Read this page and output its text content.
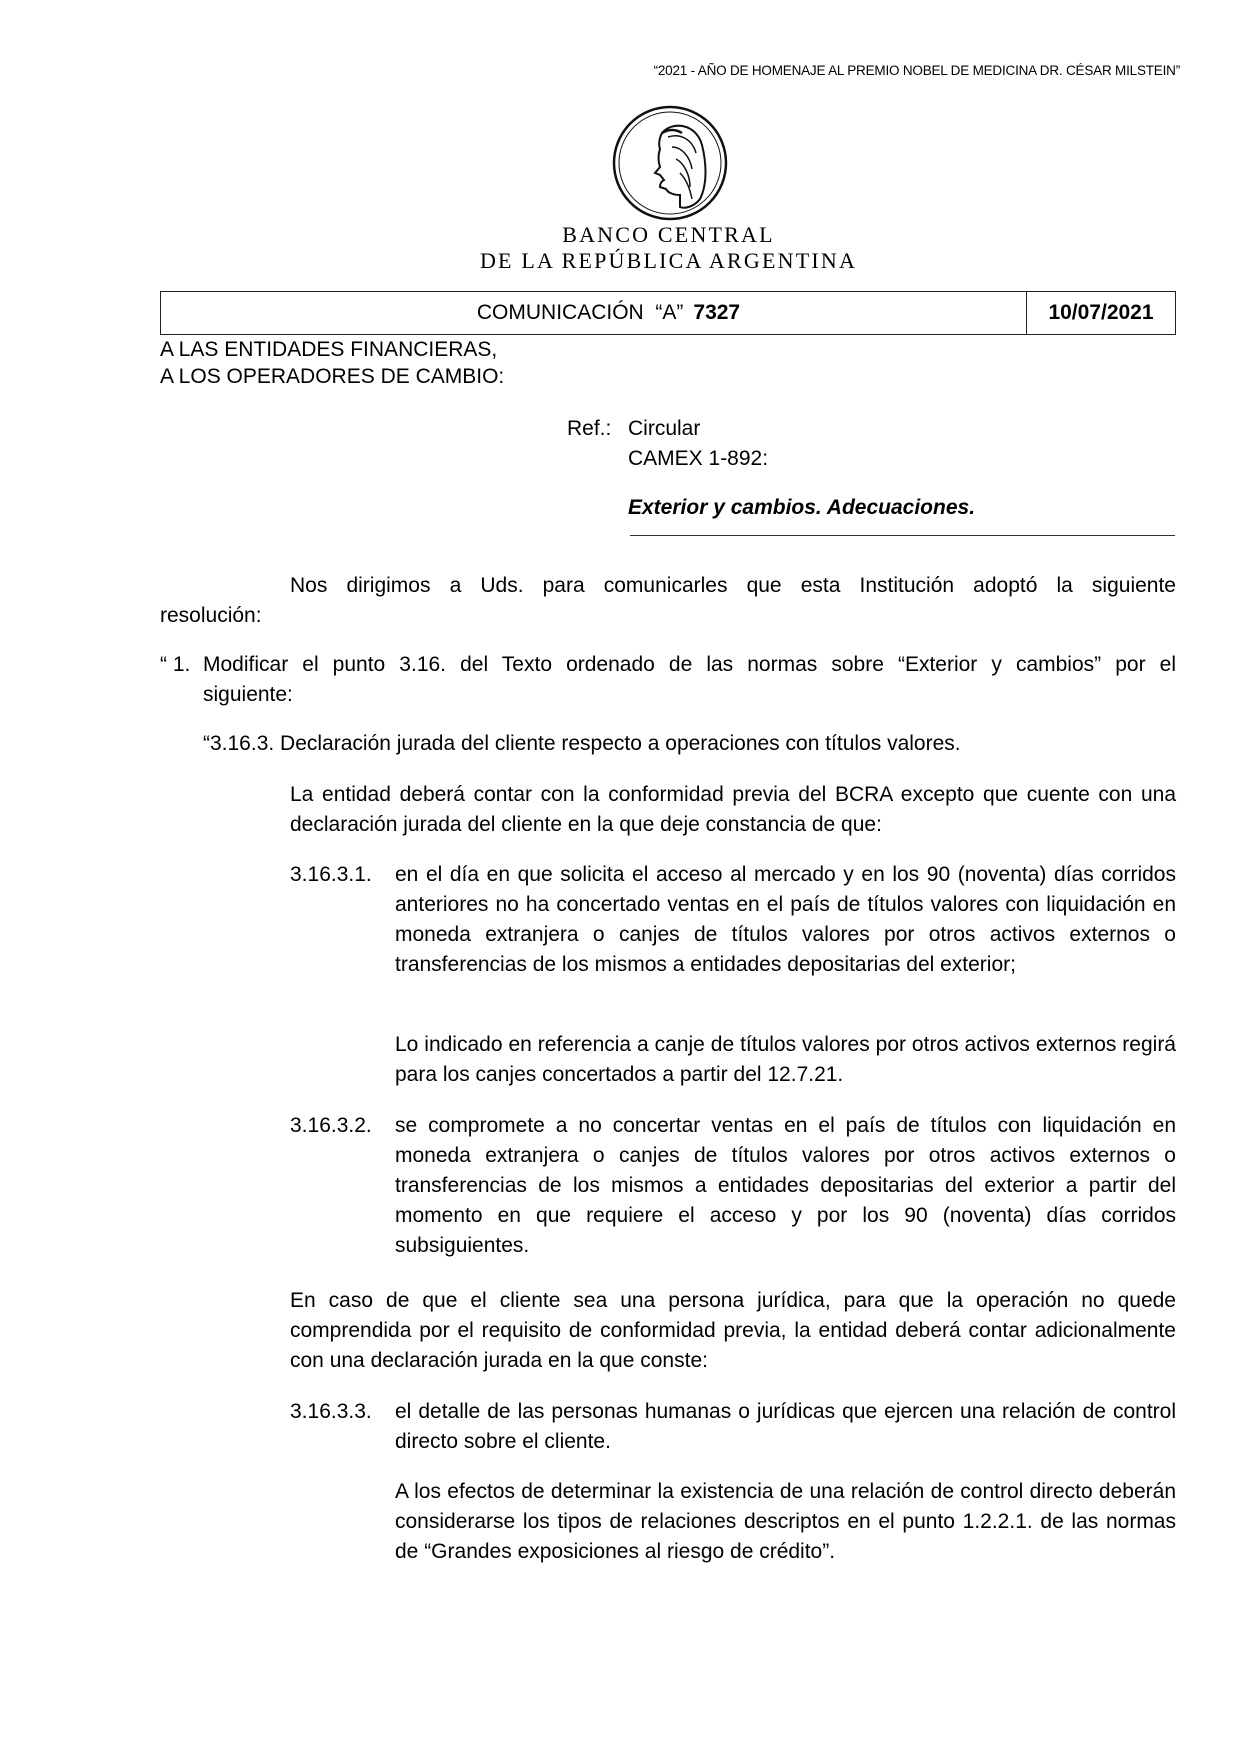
“2021 - AÑO DE HOMENAJE AL PREMIO NOBEL DE MEDICINA DR. CÉSAR MILSTEIN”
BANCO CENTRAL
DE LA REPÚBLICA ARGENTINA
COMUNICACIÓN  “A” 7327	10/07/2021
A LAS ENTIDADES FINANCIERAS,
A LOS OPERADORES DE CAMBIO:
Ref.: Circular
CAMEX 1-892:
Exterior y cambios. Adecuaciones.
Nos dirigimos a Uds. para comunicarles que esta Institución adoptó la siguiente
resolución:
“ 1. Modificar el punto 3.16. del Texto ordenado de las normas sobre “Exterior y cambios” por el
siguiente:
“3.16.3. Declaración jurada del cliente respecto a operaciones con títulos valores.
La entidad deberá contar con la conformidad previa del BCRA excepto que cuente con una declaración jurada del cliente en la que deje constancia de que:
3.16.3.1. en el día en que solicita el acceso al mercado y en los 90 (noventa) días corridos anteriores no ha concertado ventas en el país de títulos valores con liquidación en moneda extranjera o canjes de títulos valores por otros activos externos o transferencias de los mismos a entidades depositarias del exterior;
Lo indicado en referencia a canje de títulos valores por otros activos externos regirá para los canjes concertados a partir del 12.7.21.
3.16.3.2. se compromete a no concertar ventas en el país de títulos con liquidación en moneda extranjera o canjes de títulos valores por otros activos externos o transferencias de los mismos a entidades depositarias del exterior a partir del momento en que requiere el acceso y por los 90 (noventa) días corridos subsiguientes.
En caso de que el cliente sea una persona jurídica, para que la operación no quede comprendida por el requisito de conformidad previa, la entidad deberá contar adicionalmente con una declaración jurada en la que conste:
3.16.3.3. el detalle de las personas humanas o jurídicas que ejercen una relación de control directo sobre el cliente.
A los efectos de determinar la existencia de una relación de control directo deberán considerarse los tipos de relaciones descriptos en el punto 1.2.2.1. de las normas de “Grandes exposiciones al riesgo de crédito”.
